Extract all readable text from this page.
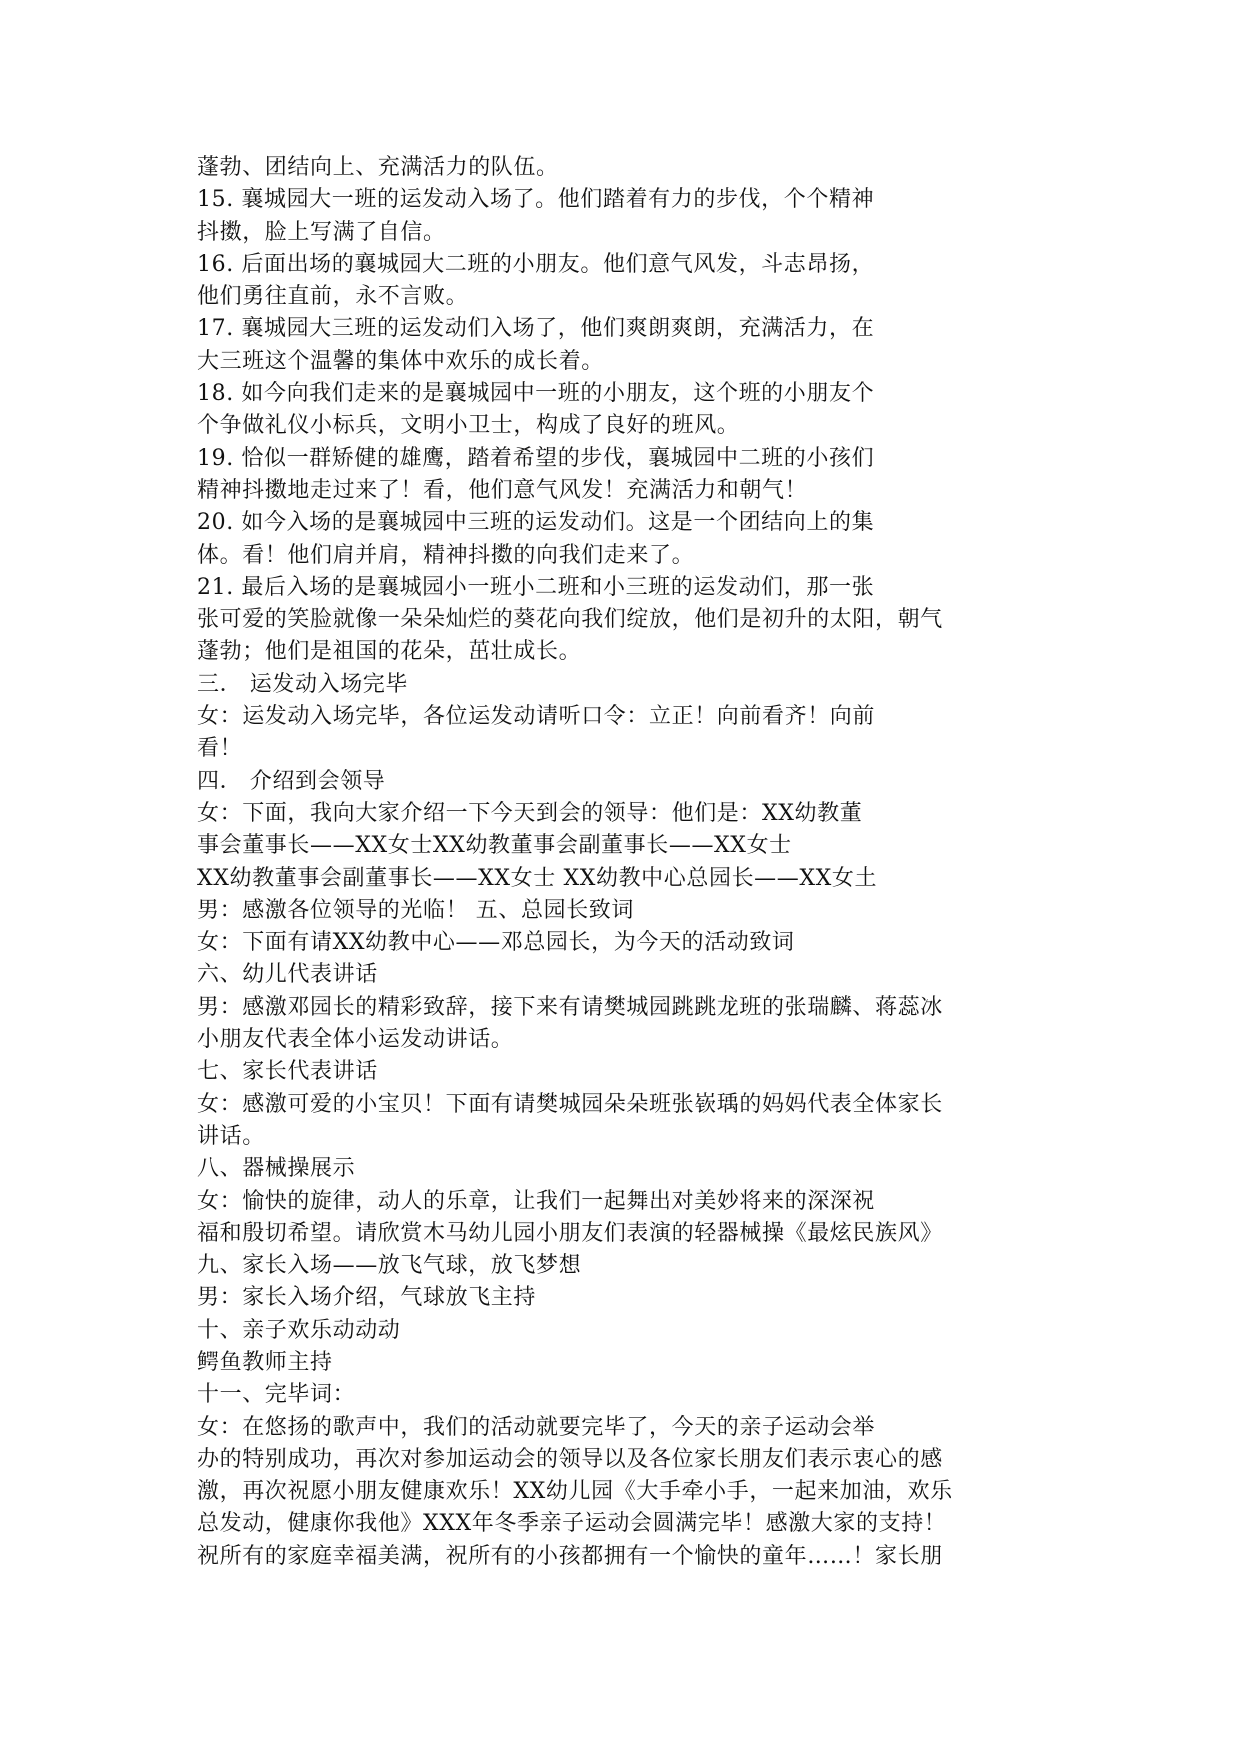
蓬勃、团结向上、充满活力的队伍。
15. 襄城园大一班的运发动入场了。他们踏着有力的步伐，个个精神
抖擞，脸上写满了自信。
16. 后面出场的襄城园大二班的小朋友。他们意气风发，斗志昂扬，
他们勇往直前，永不言败。
17. 襄城园大三班的运发动们入场了，他们爽朗爽朗，充满活力，在
大三班这个温馨的集体中欢乐的成长着。
18. 如今向我们走来的是襄城园中一班的小朋友，这个班的小朋友个
个争做礼仪小标兵，文明小卫士，构成了良好的班风。
19. 恰似一群矫健的雄鹰，踏着希望的步伐，襄城园中二班的小孩们
精神抖擞地走过来了！看，他们意气风发！充满活力和朝气！
20. 如今入场的是襄城园中三班的运发动们。这是一个团结向上的集
体。看！他们肩并肩，精神抖擞的向我们走来了。
21. 最后入场的是襄城园小一班小二班和小三班的运发动们，那一张
张可爱的笑脸就像一朵朵灿烂的葵花向我们绽放，他们是初升的太阳，朝气
蓬勃；他们是祖国的花朵，茁壮成长。
三． 运发动入场完毕
女：运发动入场完毕，各位运发动请听口令：立正！向前看齐！向前
看！
四． 介绍到会领导
女：下面，我向大家介绍一下今天到会的领导：他们是：XX幼教董
事会董事长——XX女士XX幼教董事会副董事长——XX女士
XX幼教董事会副董事长——XX女士 XX幼教中心总园长——XX女土
男：感激各位领导的光临！ 五、总园长致词
女：下面有请XX幼教中心——邓总园长，为今天的活动致词
六、幼儿代表讲话
男：感激邓园长的精彩致辞，接下来有请樊城园跳跳龙班的张瑞麟、蒋蕊冰
小朋友代表全体小运发动讲话。
七、家长代表讲话
女：感激可爱的小宝贝！下面有请樊城园朵朵班张嵚瑀的妈妈代表全体家长
讲话。
八、器械操展示
女：愉快的旋律，动人的乐章，让我们一起舞出对美妙将来的深深祝
福和殷切希望。请欣赏木马幼儿园小朋友们表演的轻器械操《最炫民族风》
九、家长入场——放飞气球，放飞梦想
男：家长入场介绍，气球放飞主持
十、亲子欢乐动动动
鳄鱼教师主持
十一、完毕词：
女：在悠扬的歌声中，我们的活动就要完毕了，今天的亲子运动会举
办的特别成功，再次对参加运动会的领导以及各位家长朋友们表示衷心的感
激，再次祝愿小朋友健康欢乐！XX幼儿园《大手牵小手，一起来加油，欢乐
总发动，健康你我他》XXX年冬季亲子运动会圆满完毕！感激大家的支持！
祝所有的家庭幸福美满，祝所有的小孩都拥有一个愉快的童年……！家长朋
